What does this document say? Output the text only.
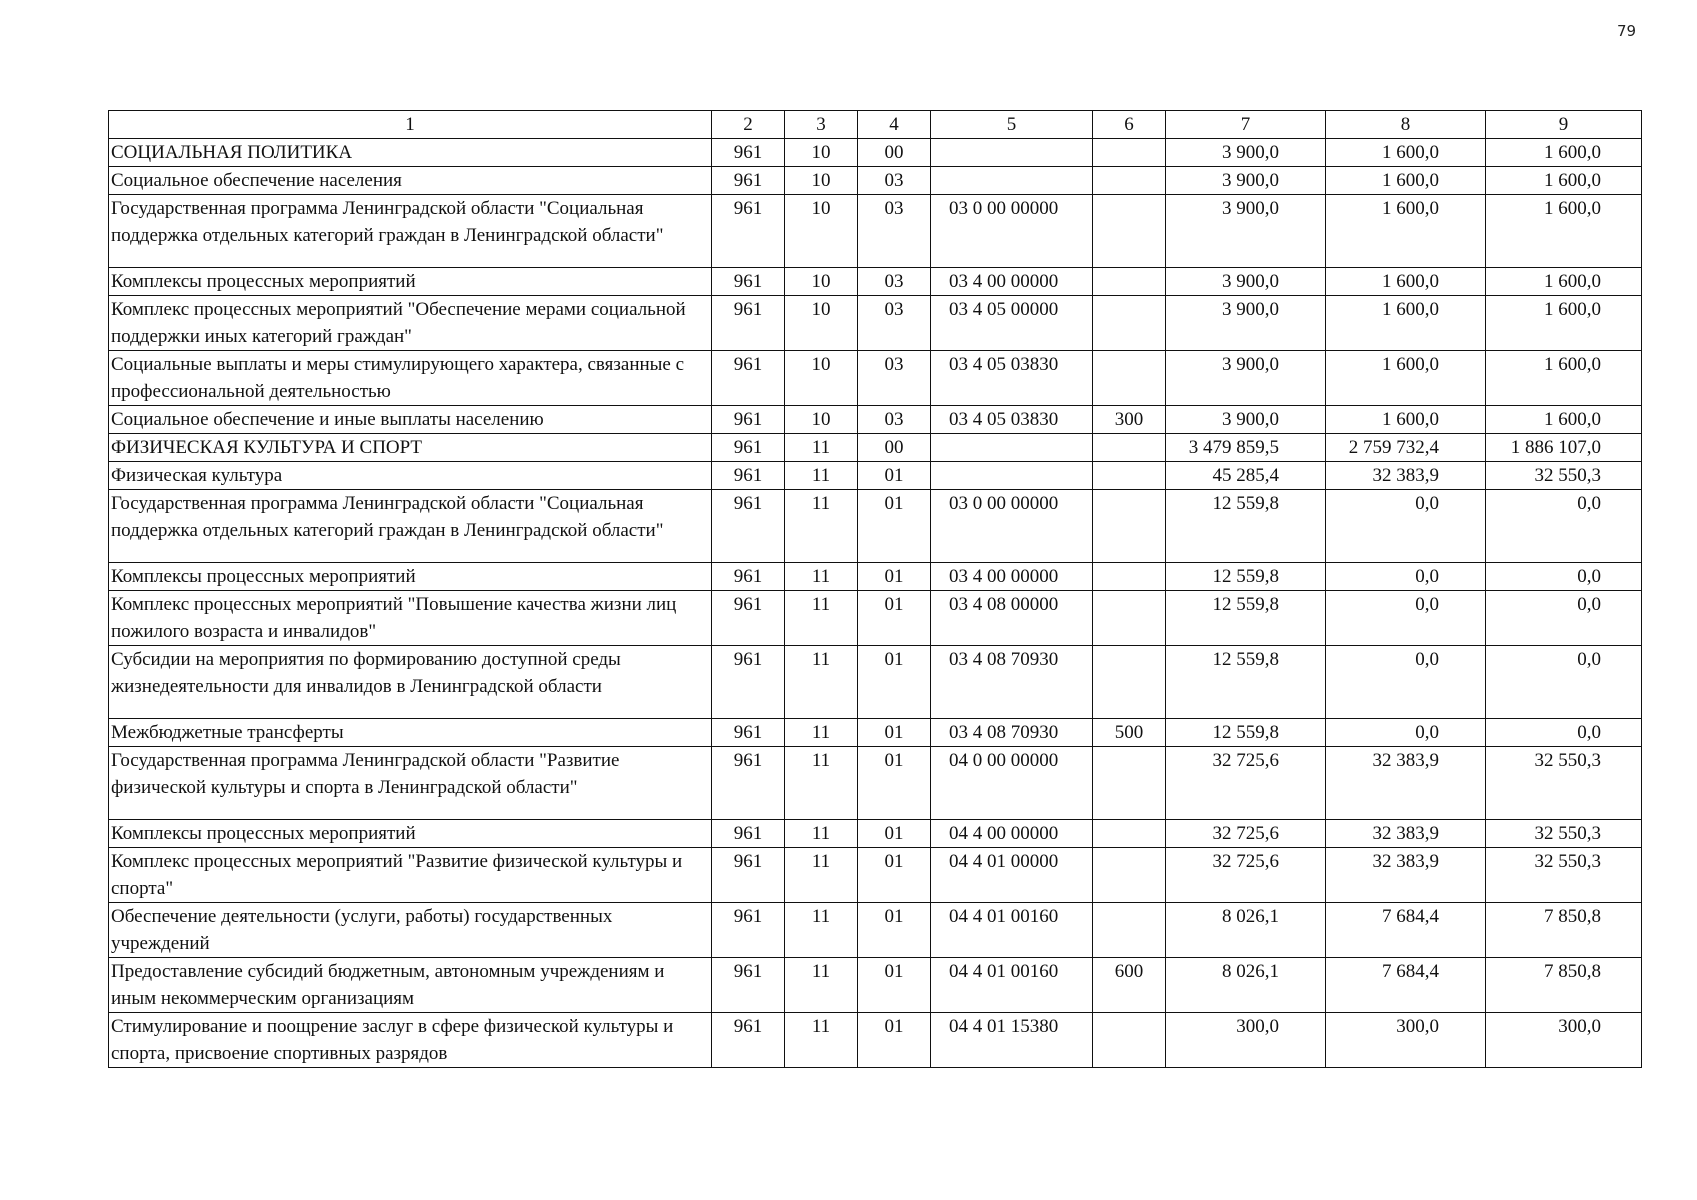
79
1	2	3	4	5	6	7	8	9
СОЦИАЛЬНАЯ ПОЛИТИКА	961	10	00			3 900,0	1 600,0	1 600,0
Социальное обеспечение населения	961	10	03			3 900,0	1 600,0	1 600,0
Государственная программа Ленинградской области "Социальная поддержка отдельных категорий граждан в Ленинградской области"	961	10	03	03 0 00 00000		3 900,0	1 600,0	1 600,0
Комплексы процессных мероприятий	961	10	03	03 4 00 00000		3 900,0	1 600,0	1 600,0
Комплекс процессных мероприятий "Обеспечение мерами социальной поддержки иных категорий граждан"	961	10	03	03 4 05 00000		3 900,0	1 600,0	1 600,0
Социальные выплаты и меры стимулирующего характера, связанные с профессиональной деятельностью	961	10	03	03 4 05 03830		3 900,0	1 600,0	1 600,0
Социальное обеспечение и иные выплаты населению	961	10	03	03 4 05 03830	300	3 900,0	1 600,0	1 600,0
ФИЗИЧЕСКАЯ КУЛЬТУРА И СПОРТ	961	11	00			3 479 859,5	2 759 732,4	1 886 107,0
Физическая культура	961	11	01			45 285,4	32 383,9	32 550,3
Государственная программа Ленинградской области "Социальная поддержка отдельных категорий граждан в Ленинградской области"	961	11	01	03 0 00 00000		12 559,8	0,0	0,0
Комплексы процессных мероприятий	961	11	01	03 4 00 00000		12 559,8	0,0	0,0
Комплекс процессных мероприятий "Повышение качества жизни лиц пожилого возраста и инвалидов"	961	11	01	03 4 08 00000		12 559,8	0,0	0,0
Субсидии на мероприятия по формированию доступной среды жизнедеятельности для инвалидов в Ленинградской области	961	11	01	03 4 08 70930		12 559,8	0,0	0,0
Межбюджетные трансферты	961	11	01	03 4 08 70930	500	12 559,8	0,0	0,0
Государственная программа Ленинградской области "Развитие физической культуры и спорта в Ленинградской области"	961	11	01	04 0 00 00000		32 725,6	32 383,9	32 550,3
Комплексы процессных мероприятий	961	11	01	04 4 00 00000		32 725,6	32 383,9	32 550,3
Комплекс процессных мероприятий "Развитие физической культуры и спорта"	961	11	01	04 4 01 00000		32 725,6	32 383,9	32 550,3
Обеспечение деятельности (услуги, работы) государственных учреждений	961	11	01	04 4 01 00160		8 026,1	7 684,4	7 850,8
Предоставление субсидий бюджетным, автономным учреждениям и иным некоммерческим организациям	961	11	01	04 4 01 00160	600	8 026,1	7 684,4	7 850,8
Стимулирование и поощрение заслуг в сфере физической культуры и спорта, присвоение спортивных разрядов	961	11	01	04 4 01 15380		300,0	300,0	300,0
